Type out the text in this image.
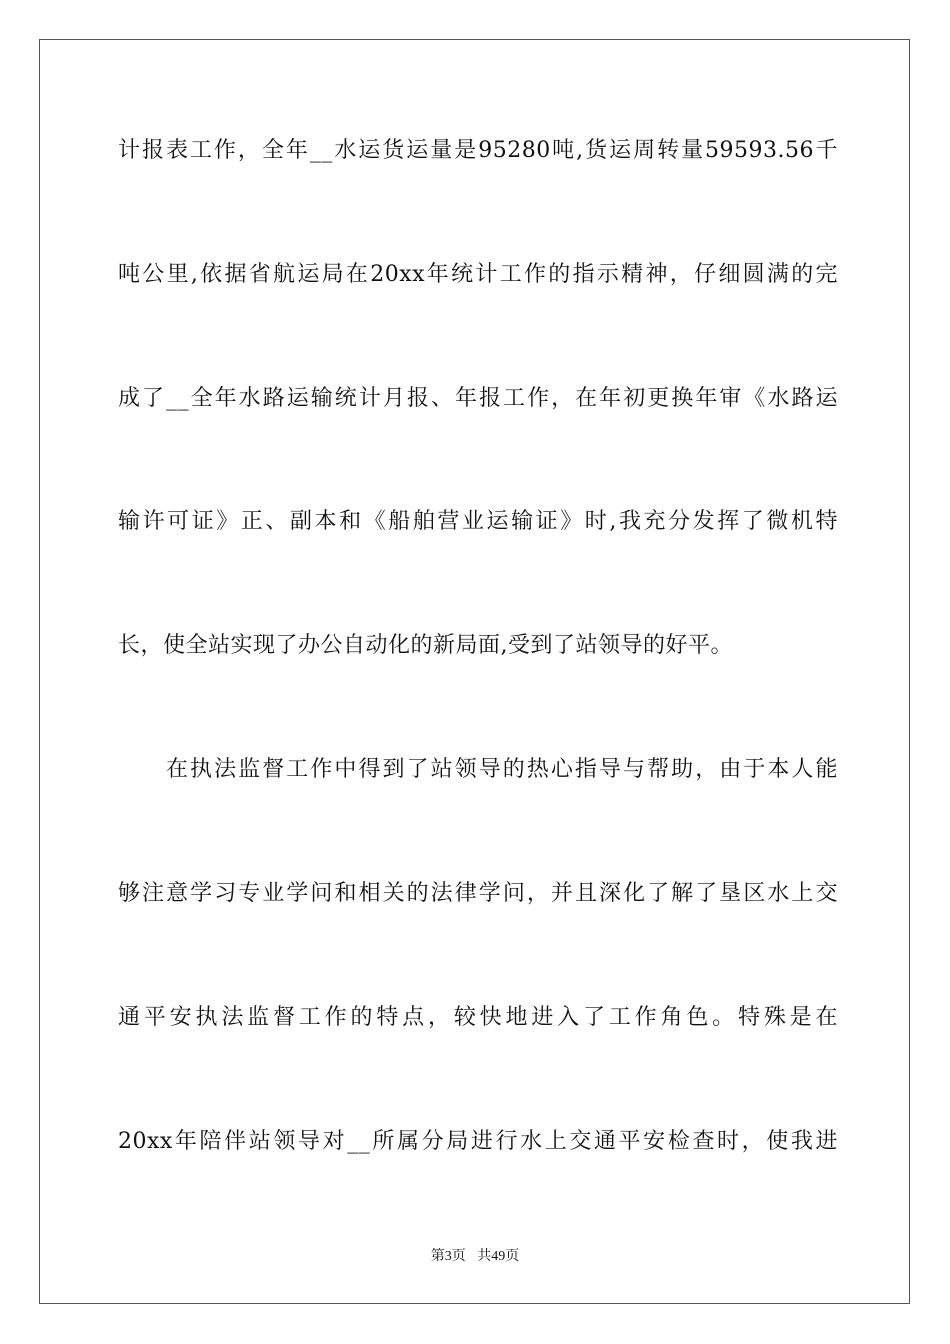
计报表工作，全年__水运货运量是95280吨,货运周转量59593.56千
吨公里,依据省航运局在20xx年统计工作的指示精神，仔细圆满的完
成了__全年水路运输统计月报、年报工作，在年初更换年审《水路运
输许可证》正、副本和《船舶营业运输证》时,我充分发挥了微机特
长，使全站实现了办公自动化的新局面,受到了站领导的好平。
在执法监督工作中得到了站领导的热心指导与帮助，由于本人能
够注意学习专业学问和相关的法律学问，并且深化了解了垦区水上交
通平安执法监督工作的特点，较快地进入了工作角色。特殊是在
20xx年陪伴站领导对__所属分局进行水上交通平安检查时，使我进
第3页 共49页
